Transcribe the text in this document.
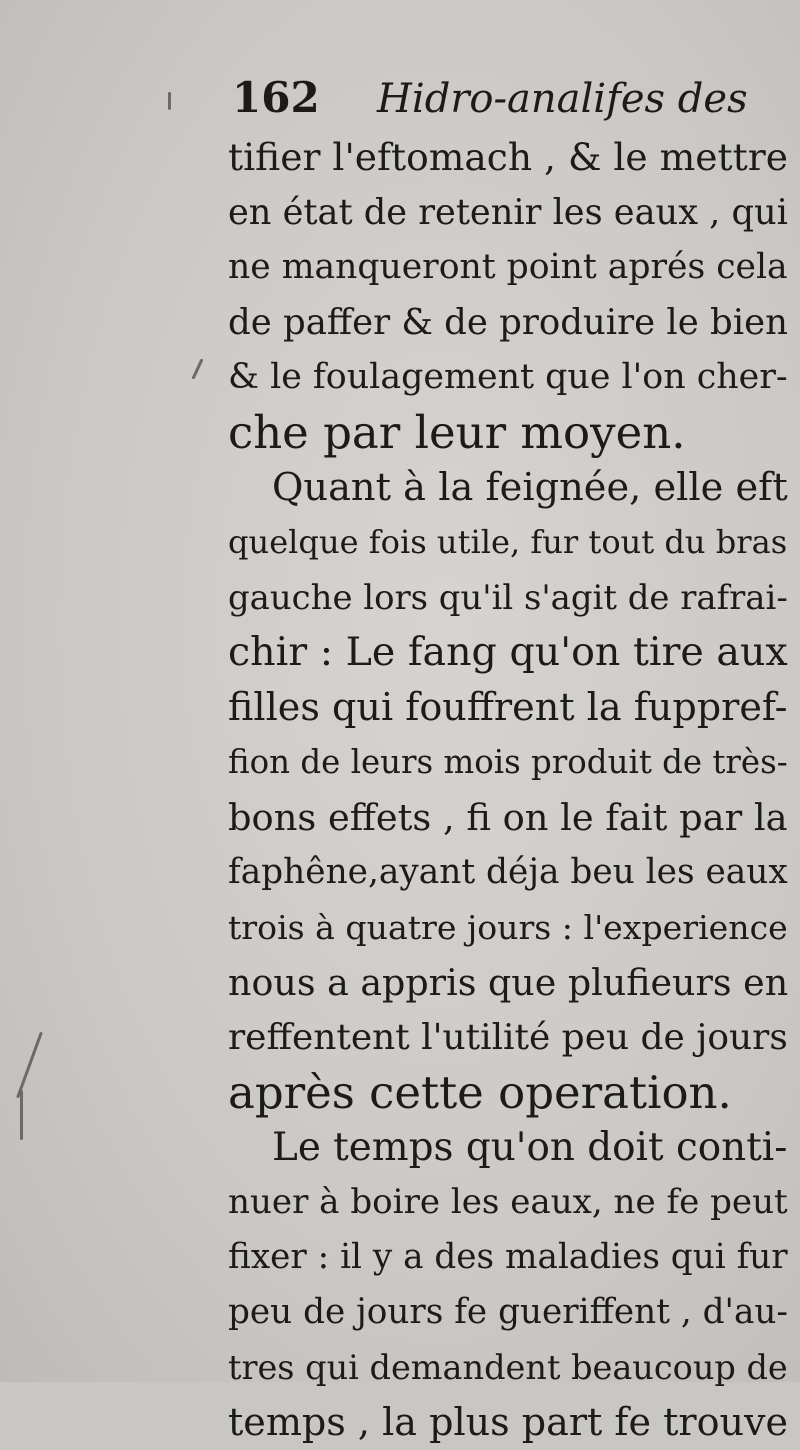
162 Hidro-analifes des
tifier l'eftomach , & le mettre
en état de retenir les eaux , qui
ne manqueront point aprés cela
de paffer & de produire le bien
& le foulagement que l'on cher-
che par leur moyen.
Quant à la feignée, elle eft
quelque fois utile, fur tout du bras
gauche lors qu'il s'agit de rafrai-
chir : Le fang qu'on tire aux
filles qui fouffrent la fuppref-
fion de leurs mois produit de très-
bons effets , fi on le fait par la
faphêne,ayant déja beu les eaux
trois à quatre jours : l'experience
nous a appris que plufieurs en
reffentent l'utilité peu de jours
après cette operation.
Le temps qu'on doit conti-
nuer à boire les eaux, ne fe peut
fixer : il y a des maladies qui fur
peu de jours fe gueriffent , d'au-
tres qui demandent beaucoup de
temps , la plus part fe trouve
